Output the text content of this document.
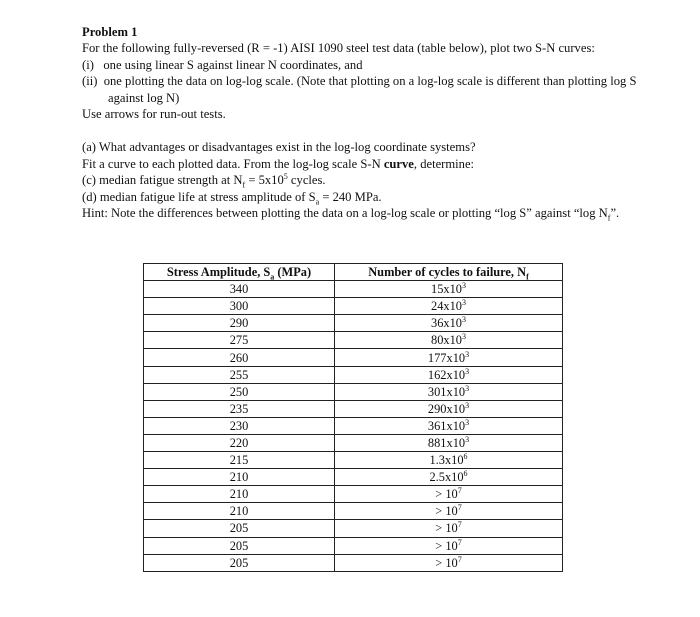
Problem 1
For the following fully-reversed (R = -1) AISI 1090 steel test data (table below), plot two S-N curves:
(i) one using linear S against linear N coordinates, and
(ii) one plotting the data on log-log scale. (Note that plotting on a log-log scale is different than plotting log S against log N)
Use arrows for run-out tests.
(a) What advantages or disadvantages exist in the log-log coordinate systems?
Fit a curve to each plotted data. From the log-log scale S-N curve, determine:
(c) median fatigue strength at $N_f = 5x10^5$ cycles.
(d) median fatigue life at stress amplitude of $S_a = 240$ MPa.
Hint: Note the differences between plotting the data on a log-log scale or plotting “log S” against “log $N_f$”.
Stress Amplitude, $S_a$ (MPa)	Number of cycles to failure, $N_f$
340	$15x10^3$
300	$24x10^3$
290	$36x10^3$
275	$80x10^3$
260	$177x10^3$
255	$162x10^3$
250	$301x10^3$
235	$290x10^3$
230	$361x10^3$
220	$881x10^3$
215	$1.3x10^6$
210	$2.5x10^6$
210	> $10^7$
210	> $10^7$
205	> $10^7$
205	> $10^7$
205	> $10^7$
